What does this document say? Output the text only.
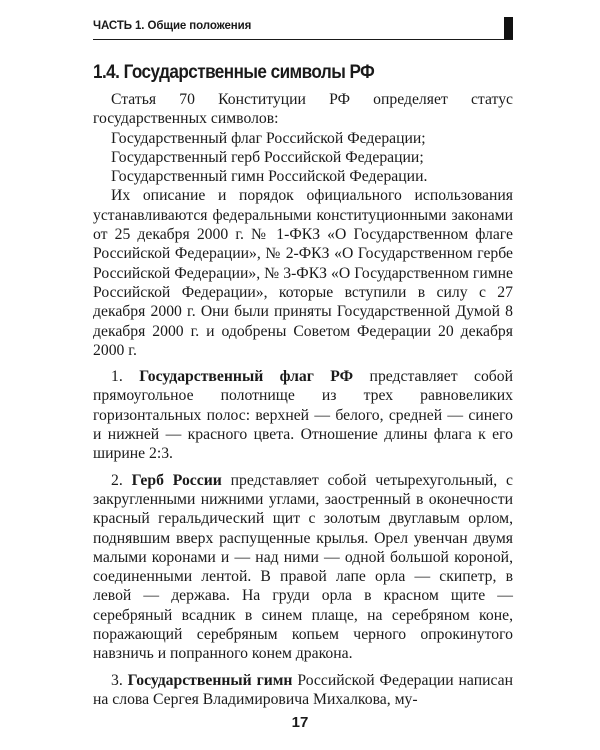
ЧАСТЬ 1. Общие положения
1.4. Государственные символы РФ

Статья 70 Конституции РФ определяет статус государственных символов:

Государственный флаг Российской Федерации;

Государственный герб Российской Федерации;

Государственный гимн Российской Федерации.

Их описание и порядок официального использования устанавливаются федеральными конституционными законами от 25 декабря 2000 г. № 1-ФКЗ «О Государственном флаге Российской Федерации», № 2-ФКЗ «О Государственном гербе Российской Федерации», № 3-ФКЗ «О Государственном гимне Российской Федерации», которые вступили в силу с 27 декабря 2000 г. Они были приняты Государственной Думой 8 декабря 2000 г. и одобрены Советом Федерации 20 декабря 2000 г.

1. Государственный флаг РФ представляет собой прямоугольное полотнище из трех равновеликих горизонтальных полос: верхней — белого, средней — синего и нижней — красного цвета. Отношение длины флага к его ширине 2:3.

2. Герб России представляет собой четырехугольный, с закругленными нижними углами, заостренный в оконечности красный геральдический щит с золотым двуглавым орлом, поднявшим вверх распущенные крылья. Орел увенчан двумя малыми коронами и — над ними — одной большой короной, соединенными лентой. В правой лапе орла — скипетр, в левой — держава. На груди орла в красном щите — серебряный всадник в синем плаще, на серебряном коне, поражающий серебряным копьем черного опрокинутого навзничь и попранного конем дракона.

3. Государственный гимн Российской Федерации написан на слова Сергея Владимировича Михалкова, му-

17
